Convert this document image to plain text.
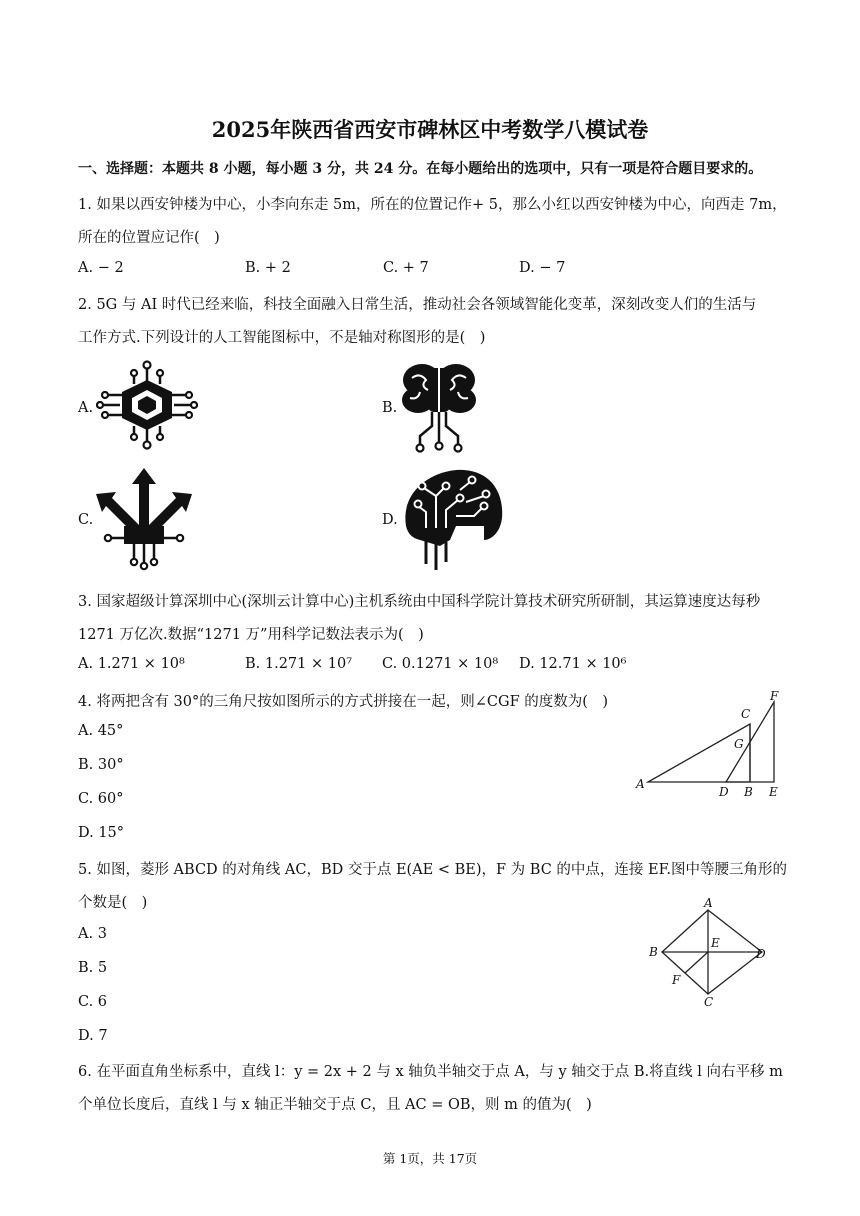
2025年陕西省西安市碑林区中考数学八模试卷
一、选择题：本题共 8 小题，每小题 3 分，共 24 分。在每小题给出的选项中，只有一项是符合题目要求的。
1. 如果以西安钟楼为中心，小李向东走 5m，所在的位置记作+ 5，那么小红以西安钟楼为中心，向西走 7m，
所在的位置应记作(　)
A. − 2	B. + 2	C. + 7	D. − 7
2. 5G 与 AI 时代已经来临，科技全面融入日常生活，推动社会各领域智能化变革，深刻改变人们的生活与
工作方式.下列设计的人工智能图标中，不是轴对称图形的是(　)
A.	B.
C.	D.
3. 国家超级计算深圳中心(深圳云计算中心)主机系统由中国科学院计算技术研究所研制，其运算速度达每秒
1271 万亿次.数据“1271 万”用科学记数法表示为(　)
A. 1.271 × 10⁸	B. 1.271 × 10⁷ C. 0.1271 × 10⁸ D. 12.71 × 10⁶
4. 将两把含有 30°的三角尺按如图所示的方式拼接在一起，则∠CGF 的度数为(　)
A. 45°
B. 30°
C. 60°
D. 15°
A
D B E
C
G
F
5. 如图，菱形 ABCD 的对角线 AC，BD 交于点 E(AE < BE)，F 为 BC 的中点，连接 EF.图中等腰三角形的
个数是(　)
A. 3
B. 5
C. 6
D. 7
A
B
E
D
F
C
6. 在平面直角坐标系中，直线 l：y = 2x + 2 与 x 轴负半轴交于点 A，与 y 轴交于点 B.将直线 l 向右平移 m
个单位长度后，直线 l 与 x 轴正半轴交于点 C，且 AC = OB，则 m 的值为(　)
第 1页，共 17页
